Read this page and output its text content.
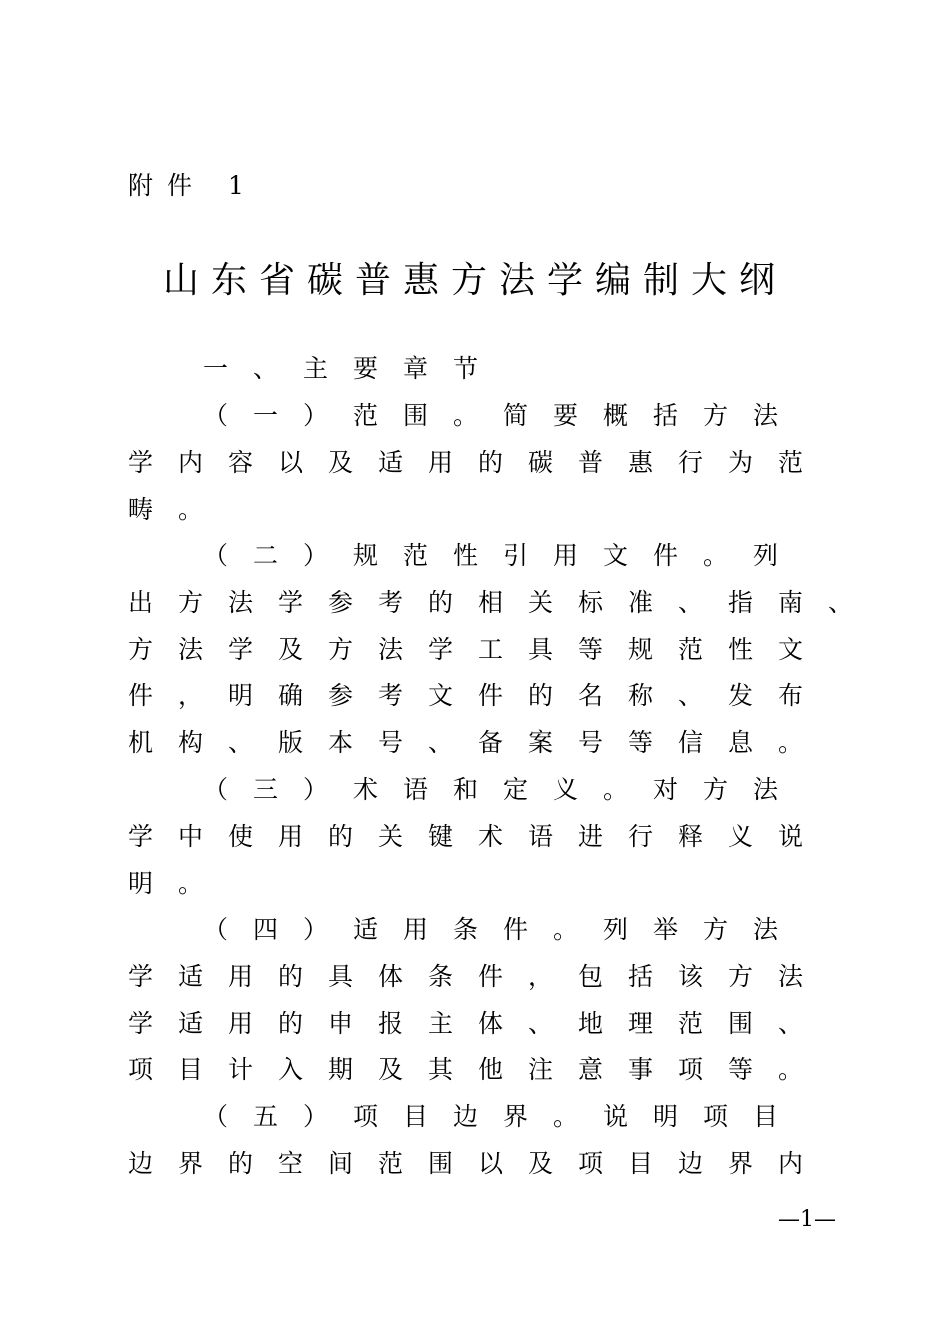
附件 1
山东省碳普惠方法学编制大纲
一、主要章节
（一）范围。简要概括方法
学内容以及适用的碳普惠行为范
畴。
（二）规范性引用文件。列
出方法学参考的相关标准、指南、
方法学及方法学工具等规范性文
件，明确参考文件的名称、发布
机构、版本号、备案号等信息。
（三）术语和定义。对方法
学中使用的关键术语进行释义说
明。
（四）适用条件。列举方法
学适用的具体条件，包括该方法
学适用的申报主体、地理范围、
项目计入期及其他注意事项等。
（五）项目边界。说明项目
边界的空间范围以及项目边界内
—1—
